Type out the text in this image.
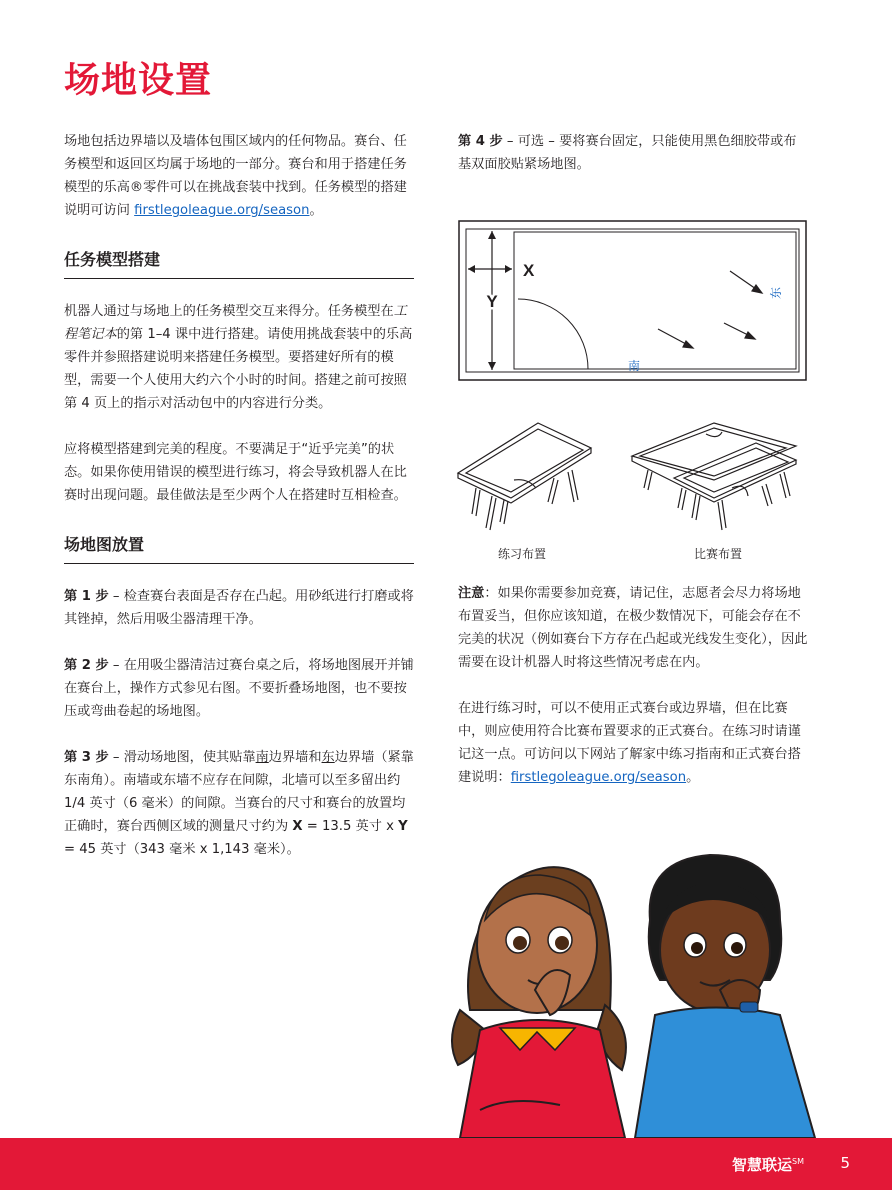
场地设置

场地包括边界墙以及墙体包围区域内的任何物品。赛台、任务模型和返回区均属于场地的一部分。赛台和用于搭建任务模型的乐高®零件可以在挑战套装中找到。任务模型的搭建说明可访问 firstlegoleague.org/season。

任务模型搭建

机器人通过与场地上的任务模型交互来得分。任务模型在工程笔记本的第 1–4 课中进行搭建。请使用挑战套装中的乐高零件并参照搭建说明来搭建任务模型。要搭建好所有的模型，需要一个人使用大约六个小时的时间。搭建之前可按照第 4 页上的指示对活动包中的内容进行分类。

应将模型搭建到完美的程度。不要满足于“近乎完美”的状态。如果你使用错误的模型进行练习，将会导致机器人在比赛时出现问题。最佳做法是至少两个人在搭建时互相检查。

场地图放置

第 1 步 – 检查赛台表面是否存在凸起。用砂纸进行打磨或将其锉掉，然后用吸尘器清理干净。

第 2 步 – 在用吸尘器清洁过赛台桌之后，将场地图展开并铺在赛台上，操作方式参见右图。不要折叠场地图，也不要按压或弯曲卷起的场地图。

第 3 步 – 滑动场地图，使其贴靠南边界墙和东边界墙（紧靠东南角）。南墙或东墙不应存在间隙，北墙可以至多留出约 1/4 英寸（6 毫米）的间隙。当赛台的尺寸和赛台的放置均正确时，赛台西侧区域的测量尺寸约为 X = 13.5 英寸 x Y = 45 英寸（343 毫米 x 1,143 毫米）。

第 4 步 – 可选 – 要将赛台固定，只能使用黑色细胶带或布基双面胶贴紧场地图。

X
Y
南
东
练习布置	比赛布置

注意：如果你需要参加竞赛，请记住，志愿者会尽力将场地布置妥当，但你应该知道，在极少数情况下，可能会存在不完美的状况（例如赛台下方存在凸起或光线发生变化），因此需要在设计机器人时将这些情况考虑在内。

在进行练习时，可以不使用正式赛台或边界墙，但在比赛中，则应使用符合比赛布置要求的正式赛台。在练习时请谨记这一点。可访问以下网站了解家中练习指南和正式赛台搭建说明：firstlegoleague.org/season。

智慧联运℠ 5
